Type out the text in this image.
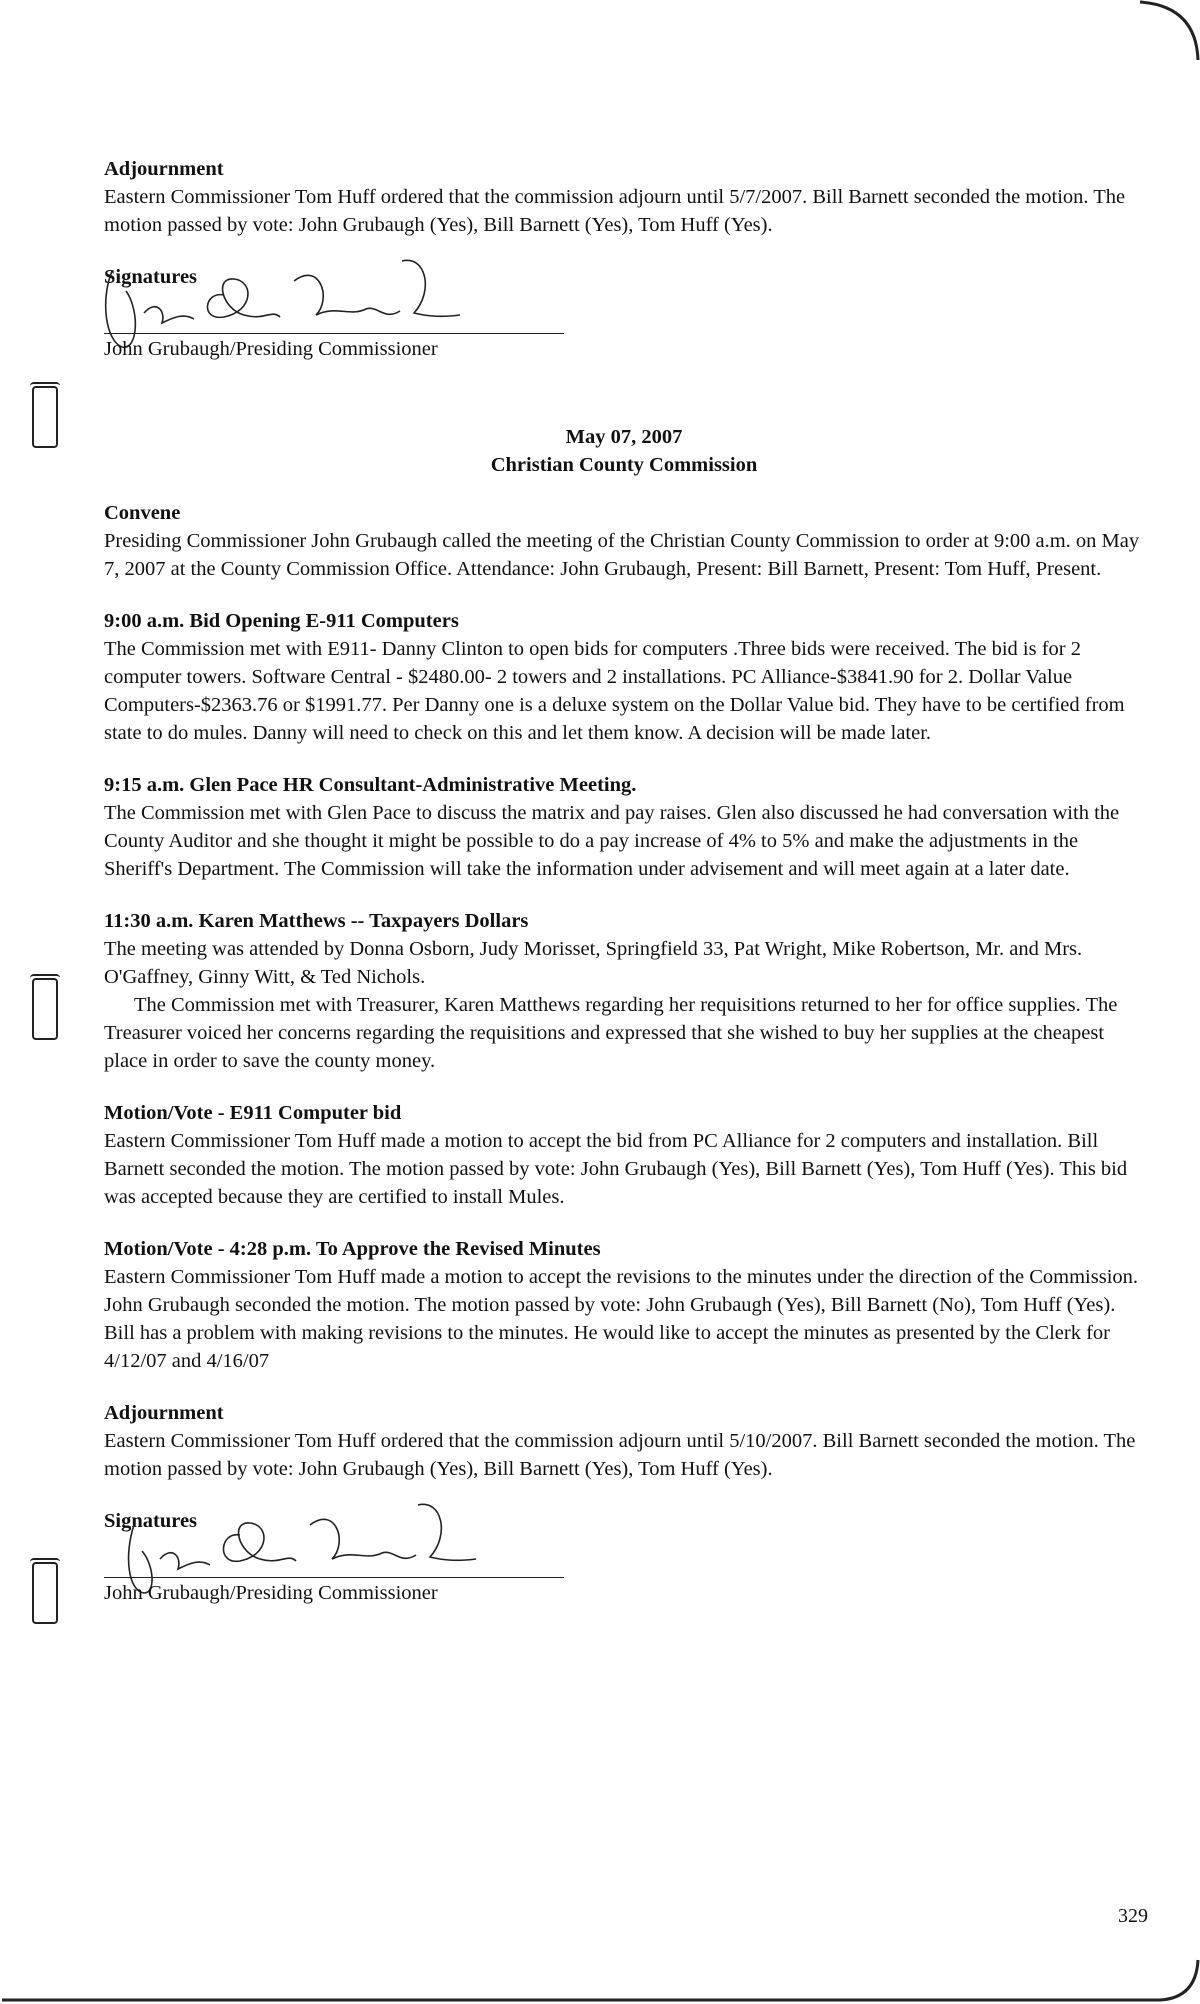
Adjournment
Eastern Commissioner Tom Huff ordered that the commission adjourn until 5/7/2007. Bill Barnett seconded the motion. The motion passed by vote: John Grubaugh (Yes), Bill Barnett (Yes), Tom Huff (Yes).
Signatures
John Grubaugh/Presiding Commissioner
May 07, 2007
Christian County Commission
Convene
Presiding Commissioner John Grubaugh called the meeting of the Christian County Commission to order at 9:00 a.m. on May 7, 2007 at the County Commission Office. Attendance: John Grubaugh, Present: Bill Barnett, Present: Tom Huff, Present.
9:00 a.m. Bid Opening E-911 Computers
The Commission met with E911- Danny Clinton to open bids for computers .Three bids were received. The bid is for 2 computer towers. Software Central - $2480.00- 2 towers and 2 installations. PC Alliance-$3841.90 for 2. Dollar Value Computers-$2363.76 or $1991.77. Per Danny one is a deluxe system on the Dollar Value bid. They have to be certified from state to do mules. Danny will need to check on this and let them know. A decision will be made later.
9:15 a.m. Glen Pace HR Consultant-Administrative Meeting.
The Commission met with Glen Pace to discuss the matrix and pay raises. Glen also discussed he had conversation with the County Auditor and she thought it might be possible to do a pay increase of 4% to 5% and make the adjustments in the Sheriff's Department. The Commission will take the information under advisement and will meet again at a later date.
11:30 a.m. Karen Matthews -- Taxpayers Dollars
The meeting was attended by Donna Osborn, Judy Morisset, Springfield 33, Pat Wright, Mike Robertson, Mr. and Mrs. O'Gaffney, Ginny Witt, & Ted Nichols.
The Commission met with Treasurer, Karen Matthews regarding her requisitions returned to her for office supplies. The Treasurer voiced her concerns regarding the requisitions and expressed that she wished to buy her supplies at the cheapest place in order to save the county money.
Motion/Vote - E911 Computer bid
Eastern Commissioner Tom Huff made a motion to accept the bid from PC Alliance for 2 computers and installation. Bill Barnett seconded the motion. The motion passed by vote: John Grubaugh (Yes), Bill Barnett (Yes), Tom Huff (Yes). This bid was accepted because they are certified to install Mules.
Motion/Vote - 4:28 p.m. To Approve the Revised Minutes
Eastern Commissioner Tom Huff made a motion to accept the revisions to the minutes under the direction of the Commission. John Grubaugh seconded the motion. The motion passed by vote: John Grubaugh (Yes), Bill Barnett (No), Tom Huff (Yes). Bill has a problem with making revisions to the minutes. He would like to accept the minutes as presented by the Clerk for 4/12/07 and 4/16/07
Adjournment
Eastern Commissioner Tom Huff ordered that the commission adjourn until 5/10/2007. Bill Barnett seconded the motion. The motion passed by vote: John Grubaugh (Yes), Bill Barnett (Yes), Tom Huff (Yes).
Signatures
John Grubaugh/Presiding Commissioner
329
